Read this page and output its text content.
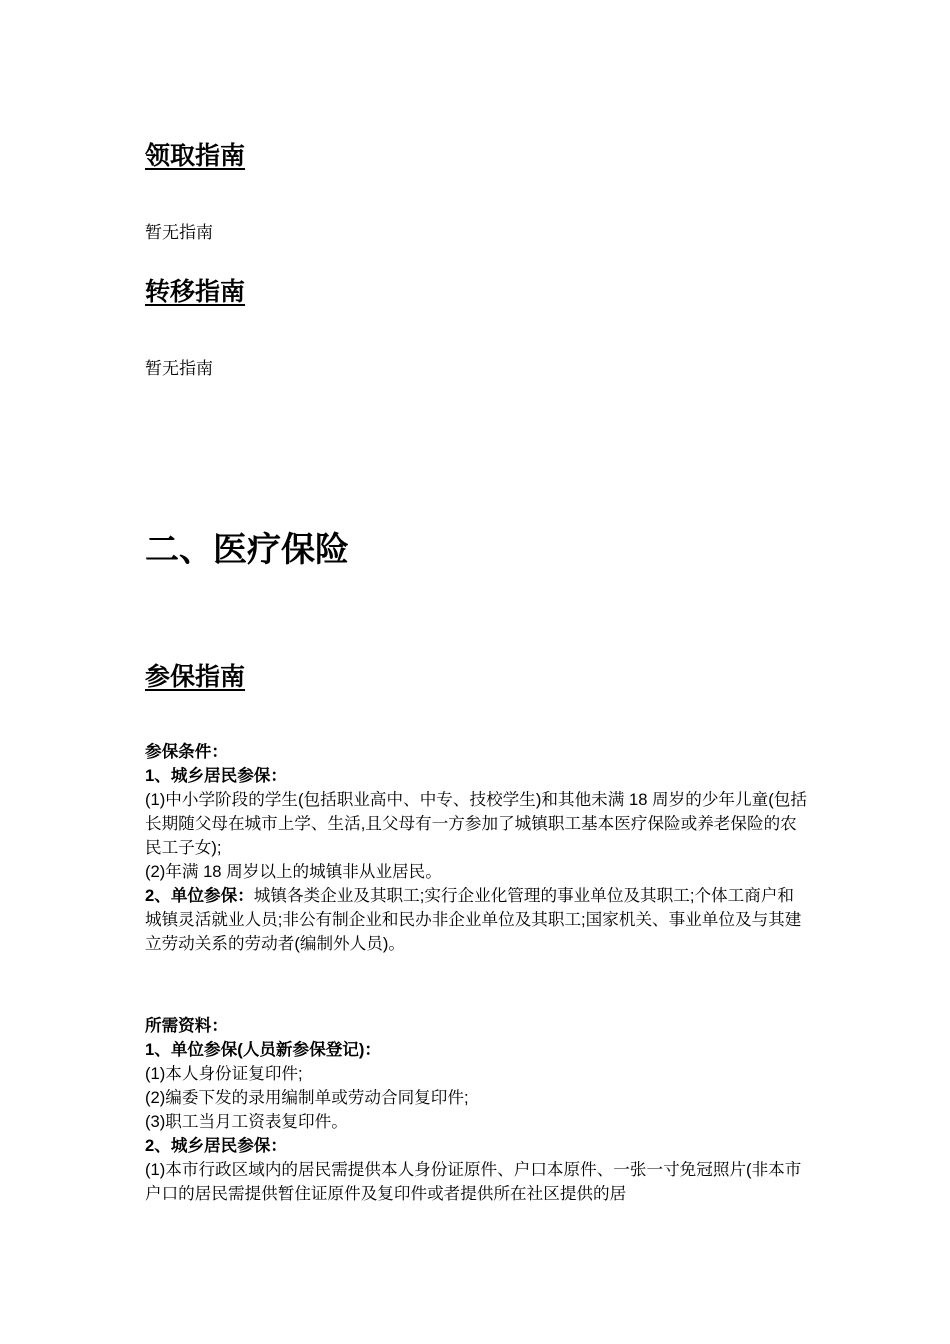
领取指南
暂无指南
转移指南
暂无指南
二、医疗保险
参保指南

参保条件：

1、城乡居民参保：

(1)中小学阶段的学生(包括职业高中、中专、技校学生)和其他未满 18 周岁的少年儿童(包括长期随父母在城市上学、生活,且父母有一方参加了城镇职工基本医疗保险或养老保险的农民工子女);

(2)年满 18 周岁以上的城镇非从业居民。

2、单位参保：城镇各类企业及其职工;实行企业化管理的事业单位及其职工;个体工商户和城镇灵活就业人员;非公有制企业和民办非企业单位及其职工;国家机关、事业单位及与其建立劳动关系的劳动者(编制外人员)。

所需资料：

1、单位参保(人员新参保登记)：

(1)本人身份证复印件;

(2)编委下发的录用编制单或劳动合同复印件;

(3)职工当月工资表复印件。

2、城乡居民参保：

(1)本市行政区域内的居民需提供本人身份证原件、户口本原件、一张一寸免冠照片(非本市户口的居民需提供暂住证原件及复印件或者提供所在社区提供的居
